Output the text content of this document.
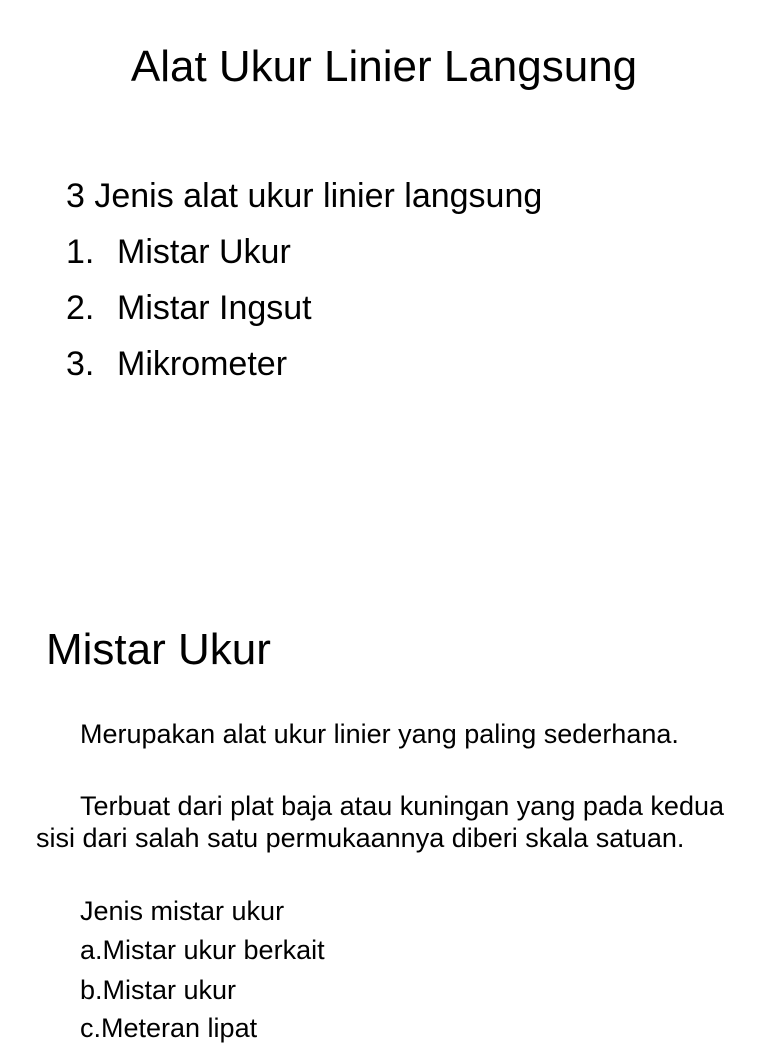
Alat Ukur Linier Langsung
3 Jenis alat ukur linier langsung
1. Mistar Ukur
2. Mistar Ingsut
3. Mikrometer
Mistar Ukur
Merupakan alat ukur linier yang paling sederhana.
Terbuat dari plat baja atau kuningan yang pada kedua sisi dari salah satu permukaannya diberi skala satuan.
Jenis mistar ukur
a.Mistar ukur berkait
b.Mistar ukur
c.Meteran lipat
